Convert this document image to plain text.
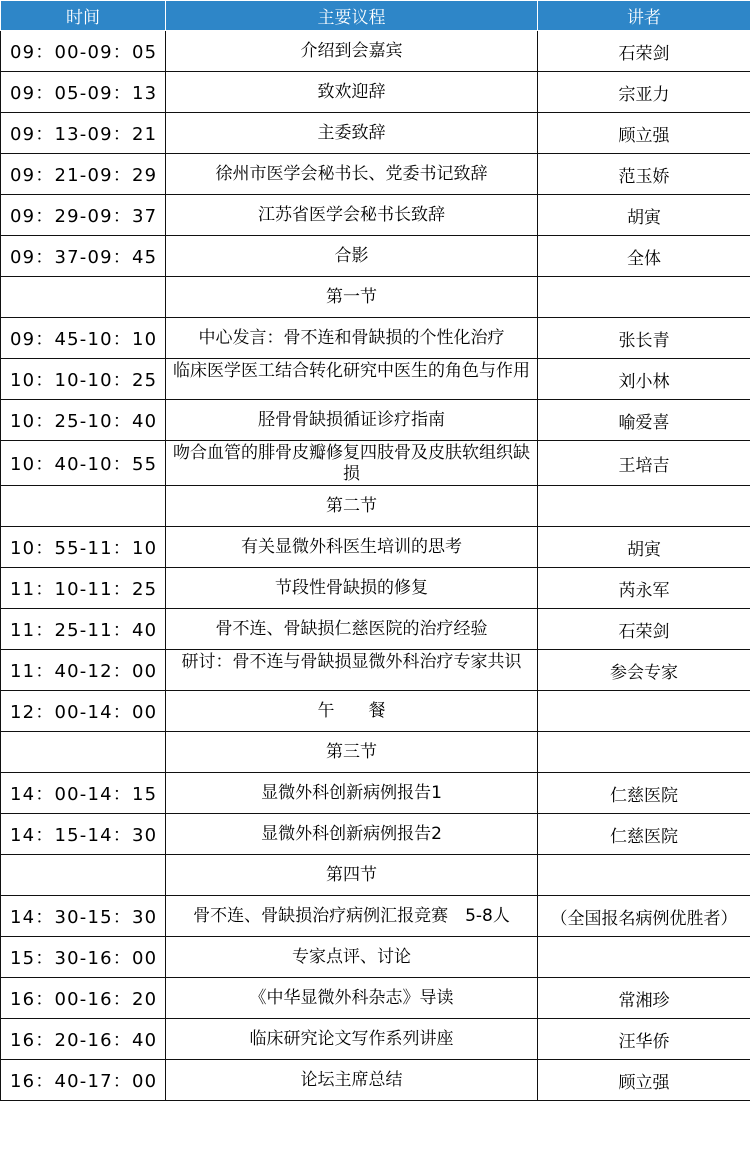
时间	主要议程	讲者
09：00-09：05	介绍到会嘉宾	石荣剑
09：05-09：13	致欢迎辞	宗亚力
09：13-09：21	主委致辞	顾立强
09：21-09：29	徐州市医学会秘书长、党委书记致辞	范玉娇
09：29-09：37	江苏省医学会秘书长致辞	胡寅
09：37-09：45	合影	全体
	第一节	
09：45-10：10	中心发言：骨不连和骨缺损的个性化治疗	张长青
10：10-10：25	临床医学医工结合转化研究中医生的角色与作用	刘小林
10：25-10：40	胫骨骨缺损循证诊疗指南	喻爱喜
10：40-10：55	吻合血管的腓骨皮瓣修复四肢骨及皮肤软组织缺损	王培吉
	第二节	
10：55-11：10	有关显微外科医生培训的思考	胡寅
11：10-11：25	节段性骨缺损的修复	芮永军
11：25-11：40	骨不连、骨缺损仁慈医院的治疗经验	石荣剑
11：40-12：00	研讨：骨不连与骨缺损显微外科治疗专家共识	参会专家
12：00-14：00	午　　餐	
	第三节	
14：00-14：15	显微外科创新病例报告1	仁慈医院
14：15-14：30	显微外科创新病例报告2	仁慈医院
	第四节	
14：30-15：30	骨不连、骨缺损治疗病例汇报竞赛　5-8人	（全国报名病例优胜者）
15：30-16：00	专家点评、讨论	
16：00-16：20	《中华显微外科杂志》导读	常湘珍
16：20-16：40	临床研究论文写作系列讲座	汪华侨
16：40-17：00	论坛主席总结	顾立强
